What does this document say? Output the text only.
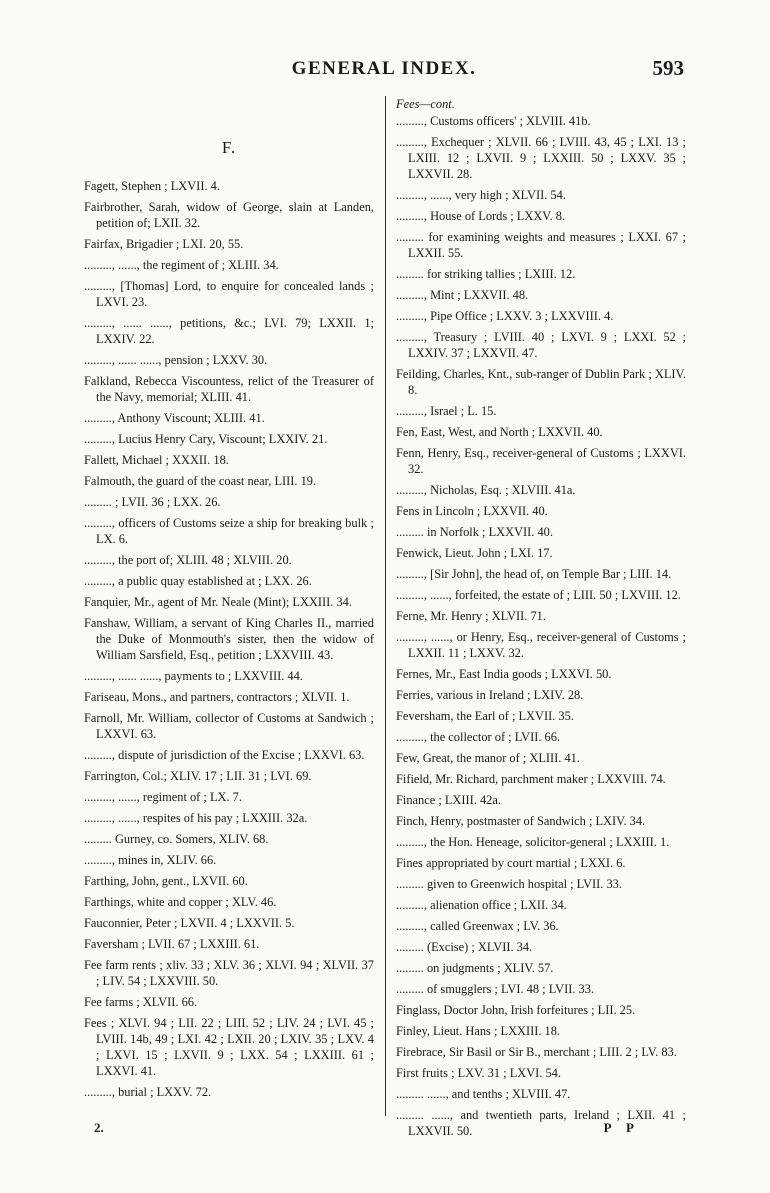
GENERAL INDEX.	593
F.
Fagett, Stephen ; LXVII. 4.
Fairbrother, Sarah, widow of George, slain at Landen, petition of; LXII. 32.
Fairfax, Brigadier ; LXI. 20, 55.
........., ......, the regiment of ; XLIII. 34.
........., [Thomas] Lord, to enquire for concealed lands ; LXVI. 23.
........., ...... ......, petitions, &c.; LVI. 79; LXXII. 1; LXXIV. 22.
........., ...... ......, pension ; LXXV. 30.
Falkland, Rebecca Viscountess, relict of the Treasurer of the Navy, memorial; XLIII. 41.
........., Anthony Viscount; XLIII. 41.
........., Lucius Henry Cary, Viscount; LXXIV. 21.
Fallett, Michael ; XXXII. 18.
Falmouth, the guard of the coast near, LIII. 19.
......... ; LVII. 36 ; LXX. 26.
........., officers of Customs seize a ship for breaking bulk ; LX. 6.
........., the port of; XLIII. 48 ; XLVIII. 20.
........., a public quay established at ; LXX. 26.
Fanquier, Mr., agent of Mr. Neale (Mint); LXXIII. 34.
Fanshaw, William, a servant of King Charles II., married the Duke of Monmouth's sister, then the widow of William Sarsfield, Esq., petition ; LXXVIII. 43.
........., ...... ......, payments to ; LXXVIII. 44.
Fariseau, Mons., and partners, contractors ; XLVII. 1.
Farnoll, Mr. William, collector of Customs at Sandwich ; LXXVI. 63.
........., dispute of jurisdiction of the Excise ; LXXVI. 63.
Farrington, Col.; XLIV. 17 ; LII. 31 ; LVI. 69.
........., ......, regiment of ; LX. 7.
........., ......, respites of his pay ; LXXIII. 32a.
......... Gurney, co. Somers, XLIV. 68.
........., mines in, XLIV. 66.
Farthing, John, gent., LXVII. 60.
Farthings, white and copper ; XLV. 46.
Fauconnier, Peter ; LXVII. 4 ; LXXVII. 5.
Faversham ; LVII. 67 ; LXXIII. 61.
Fee farm rents ; xliv. 33 ; XLV. 36 ; XLVI. 94 ; XLVII. 37 ; LIV. 54 ; LXXVIII. 50.
Fee farms ; XLVII. 66.
Fees ; XLVI. 94 ; LII. 22 ; LIII. 52 ; LIV. 24 ; LVI. 45 ; LVIII. 14b, 49 ; LXI. 42 ; LXII. 20 ; LXIV. 35 ; LXV. 4 ; LXVI. 15 ; LXVII. 9 ; LXX. 54 ; LXXIII. 61 ; LXXVI. 41.
........., burial ; LXXV. 72.
Fees—cont.
........., Customs officers' ; XLVIII. 41b.
........., Exchequer ; XLVII. 66 ; LVIII. 43, 45 ; LXI. 13 ; LXIII. 12 ; LXVII. 9 ; LXXIII. 50 ; LXXV. 35 ; LXXVII. 28.
........., ......, very high ; XLVII. 54.
........., House of Lords ; LXXV. 8.
......... for examining weights and measures ; LXXI. 67 ; LXXII. 55.
......... for striking tallies ; LXIII. 12.
........., Mint ; LXXVII. 48.
........., Pipe Office ; LXXV. 3 ; LXXVIII. 4.
........., Treasury ; LVIII. 40 ; LXVI. 9 ; LXXI. 52 ; LXXIV. 37 ; LXXVII. 47.
Feilding, Charles, Knt., sub-ranger of Dublin Park ; XLIV. 8.
........., Israel ; L. 15.
Fen, East, West, and North ; LXXVII. 40.
Fenn, Henry, Esq., receiver-general of Customs ; LXXVI. 32.
........., Nicholas, Esq. ; XLVIII. 41a.
Fens in Lincoln ; LXXVII. 40.
......... in Norfolk ; LXXVII. 40.
Fenwick, Lieut. John ; LXI. 17.
........., [Sir John], the head of, on Temple Bar ; LIII. 14.
........., ......, forfeited, the estate of ; LIII. 50 ; LXVIII. 12.
Ferne, Mr. Henry ; XLVII. 71.
........., ......, or Henry, Esq., receiver-general of Customs ; LXXII. 11 ; LXXV. 32.
Fernes, Mr., East India goods ; LXXVI. 50.
Ferries, various in Ireland ; LXIV. 28.
Feversham, the Earl of ; LXVII. 35.
........., the collector of ; LVII. 66.
Few, Great, the manor of ; XLIII. 41.
Fifield, Mr. Richard, parchment maker ; LXXVIII. 74.
Finance ; LXIII. 42a.
Finch, Henry, postmaster of Sandwich ; LXIV. 34.
........., the Hon. Heneage, solicitor-general ; LXXIII. 1.
Fines appropriated by court martial ; LXXI. 6.
......... given to Greenwich hospital ; LVII. 33.
........., alienation office ; LXII. 34.
........., called Greenwax ; LV. 36.
......... (Excise) ; XLVII. 34.
......... on judgments ; XLIV. 57.
......... of smugglers ; LVI. 48 ; LVII. 33.
Finglass, Doctor John, Irish forfeitures ; LII. 25.
Finley, Lieut. Hans ; LXXIII. 18.
Firebrace, Sir Basil or Sir B., merchant ; LIII. 2 ; LV. 83.
First fruits ; LXV. 31 ; LXVI. 54.
......... ......, and tenths ; XLVIII. 47.
......... ......, and twentieth parts, Ireland ; LXII. 41 ; LXXVII. 50.
2.	P P
